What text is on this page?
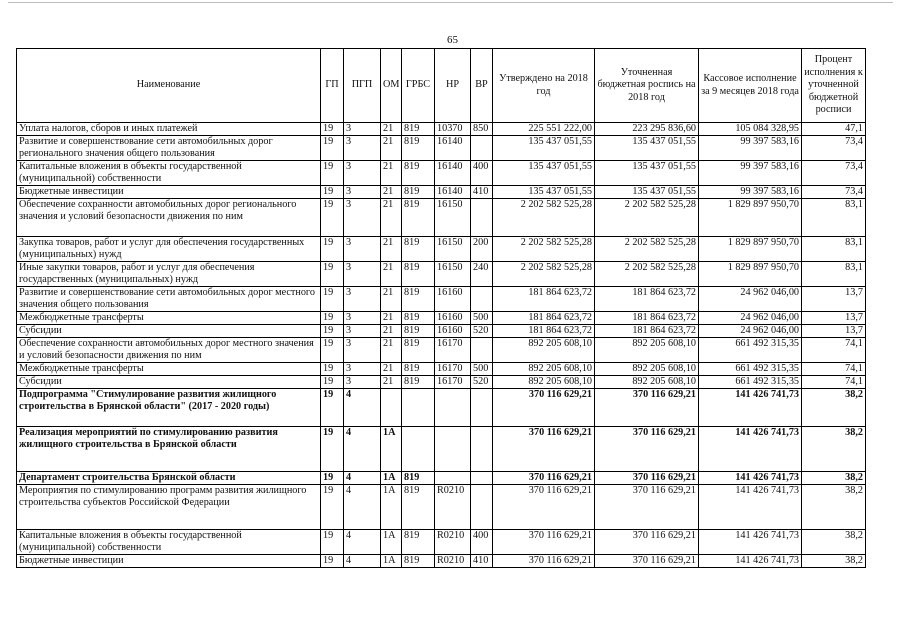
65
Наименование	ГП	ПГП	ОМ	ГРБС	НР	ВР	Утверждено на 2018 год	Уточненная бюджетная роспись на 2018 год	Кассовое исполнение за 9 месяцев 2018 года	Процент исполнения к уточненной бюджетной росписи
Уплата налогов, сборов и иных платежей	19	3	21	819	10370	850	225 551 222,00	223 295 836,60	105 084 328,95	47,1
Развитие и совершенствование сети автомобильных дорог регионального значения общего пользования	19	3	21	819	16140		135 437 051,55	135 437 051,55	99 397 583,16	73,4
Капитальные вложения в объекты государственной (муниципальной) собственности	19	3	21	819	16140	400	135 437 051,55	135 437 051,55	99 397 583,16	73,4
Бюджетные инвестиции	19	3	21	819	16140	410	135 437 051,55	135 437 051,55	99 397 583,16	73,4
Обеспечение сохранности автомобильных дорог регионального значения и условий безопасности движения по ним	19	3	21	819	16150		2 202 582 525,28	2 202 582 525,28	1 829 897 950,70	83,1
Закупка товаров, работ и услуг для обеспечения государственных (муниципальных) нужд	19	3	21	819	16150	200	2 202 582 525,28	2 202 582 525,28	1 829 897 950,70	83,1
Иные закупки товаров, работ и услуг для обеспечения государственных (муниципальных) нужд	19	3	21	819	16150	240	2 202 582 525,28	2 202 582 525,28	1 829 897 950,70	83,1
Развитие и совершенствование сети автомобильных дорог местного значения общего пользования	19	3	21	819	16160		181 864 623,72	181 864 623,72	24 962 046,00	13,7
Межбюджетные трансферты	19	3	21	819	16160	500	181 864 623,72	181 864 623,72	24 962 046,00	13,7
Субсидии	19	3	21	819	16160	520	181 864 623,72	181 864 623,72	24 962 046,00	13,7
Обеспечение сохранности автомобильных дорог местного значения и условий безопасности движения по ним	19	3	21	819	16170		892 205 608,10	892 205 608,10	661 492 315,35	74,1
Межбюджетные трансферты	19	3	21	819	16170	500	892 205 608,10	892 205 608,10	661 492 315,35	74,1
Субсидии	19	3	21	819	16170	520	892 205 608,10	892 205 608,10	661 492 315,35	74,1
Подпрограмма "Стимулирование развития жилищного строительства в Брянской области" (2017 - 2020 годы)	19	4					370 116 629,21	370 116 629,21	141 426 741,73	38,2
Реализация мероприятий по стимулированию развития жилищного строительства в Брянской области	19	4	1А				370 116 629,21	370 116 629,21	141 426 741,73	38,2
Департамент строительства Брянской области	19	4	1А	819			370 116 629,21	370 116 629,21	141 426 741,73	38,2
Мероприятия по стимулированию программ развития жилищного строительства субъектов Российской Федерации	19	4	1А	819	R0210		370 116 629,21	370 116 629,21	141 426 741,73	38,2
Капитальные вложения в объекты государственной (муниципальной) собственности	19	4	1А	819	R0210	400	370 116 629,21	370 116 629,21	141 426 741,73	38,2
Бюджетные инвестиции	19	4	1А	819	R0210	410	370 116 629,21	370 116 629,21	141 426 741,73	38,2
